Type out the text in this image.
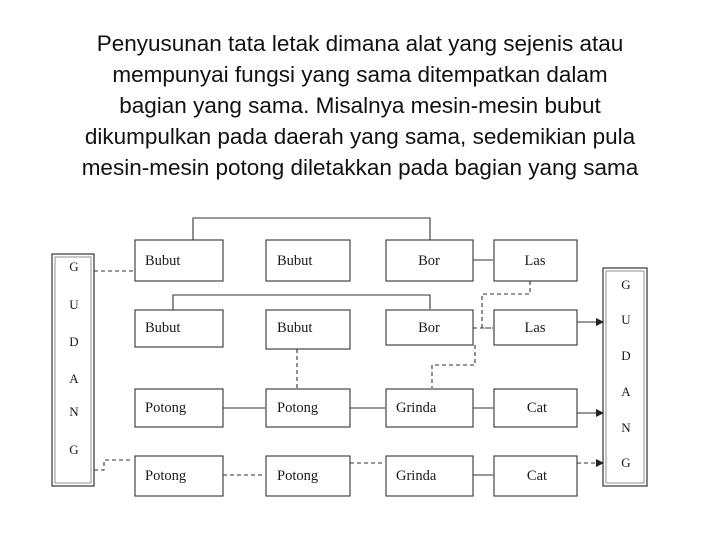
Penyusunan tata letak dimana alat yang sejenis atau
mempunyai fungsi yang sama ditempatkan dalam
bagian yang sama. Misalnya mesin-mesin bubut
dikumpulkan pada daerah yang sama, sedemikian pula
mesin-mesin potong diletakkan pada bagian yang sama
G
U
D
A
N
G
G
U
D
A
N
G
Bubut	Bubut	Bor	Las
Bubut	Bubut	Bor	Las
Potong	Potong	Grinda	Cat
Potong	Potong	Grinda	Cat
